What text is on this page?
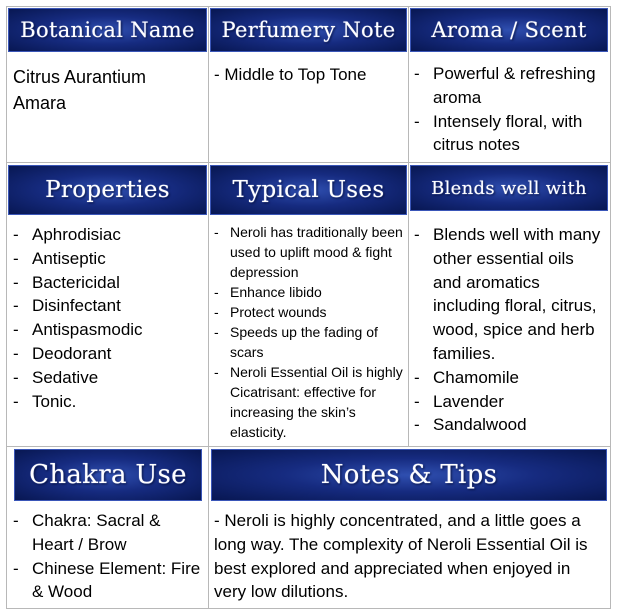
Botanical Name	Perfumery Note	Aroma / Scent
Citrus Aurantium Amara
- Middle to Top Tone
-	Powerful & refreshing aroma
- Intensely floral, with citrus notes
Properties	Typical Uses	Blends well with
- Aphrodisiac
- Antiseptic
- Bactericidal
- Disinfectant
- Antispasmodic
- Deodorant
- Sedative
- Tonic.
- Neroli has traditionally been used to uplift mood & fight depression
- Enhance libido
- Protect wounds
- Speeds up the fading of scars
- Neroli Essential Oil is highly Cicatrisant: effective for increasing the skin’s elasticity.
- Blends well with many other essential oils and aromatics including floral, citrus, wood, spice and herb families.
- Chamomile
- Lavender
- Sandalwood
Chakra Use	Notes & Tips
- Chakra: Sacral & Heart / Brow
- Chinese Element: Fire & Wood
- Neroli is highly concentrated, and a little goes a long way. The complexity of Neroli Essential Oil is best explored and appreciated when enjoyed in very low dilutions.
